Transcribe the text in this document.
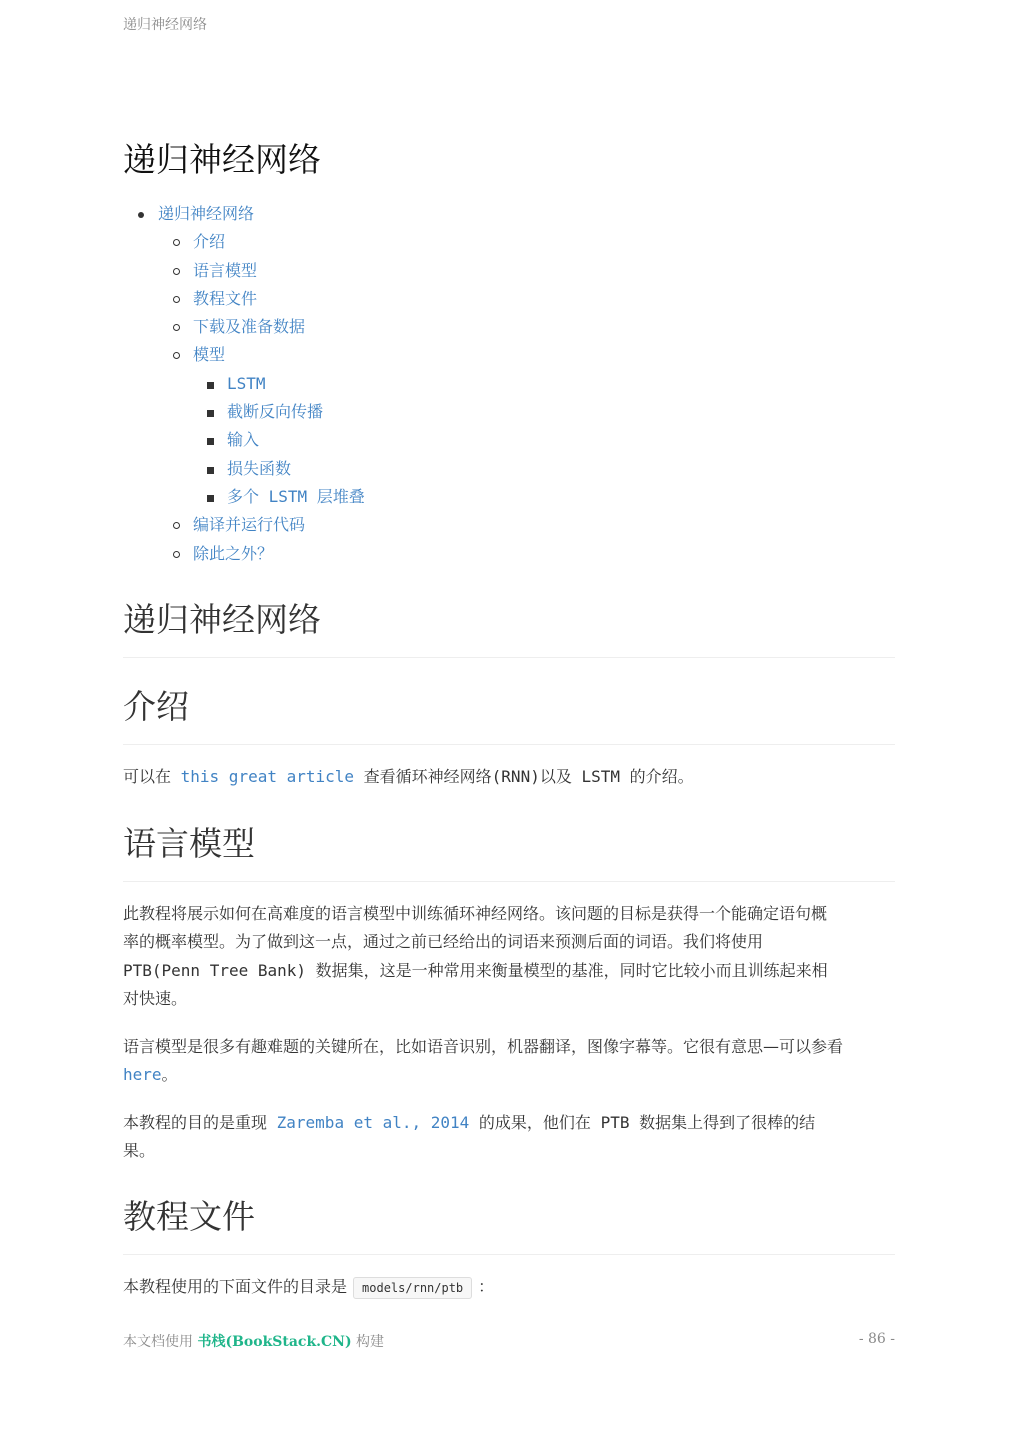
递归神经网络
递归神经网络
递归神经网络
介绍
语言模型
教程文件
下载及准备数据
模型
LSTM
截断反向传播
输入
损失函数
多个 LSTM 层堆叠
编译并运行代码
除此之外？
递归神经网络
介绍

可以在 this great article 查看循环神经网络(RNN)以及 LSTM 的介绍。

语言模型
此教程将展示如何在高难度的语言模型中训练循环神经网络。该问题的目标是获得一个能确定语句概
率的概率模型。为了做到这一点，通过之前已经给出的词语来预测后面的词语。我们将使用
PTB(Penn Tree Bank) 数据集，这是一种常用来衡量模型的基准，同时它比较小而且训练起来相
对快速。
语言模型是很多有趣难题的关键所在，比如语音识别，机器翻译，图像字幕等。它很有意思—可以参看
here。
本教程的目的是重现 Zaremba et al., 2014 的成果，他们在 PTB 数据集上得到了很棒的结
果。
教程文件

本教程使用的下面文件的目录是 models/rnn/ptb ：

本文档使用 书栈(BookStack.CN) 构建	- 86 -
